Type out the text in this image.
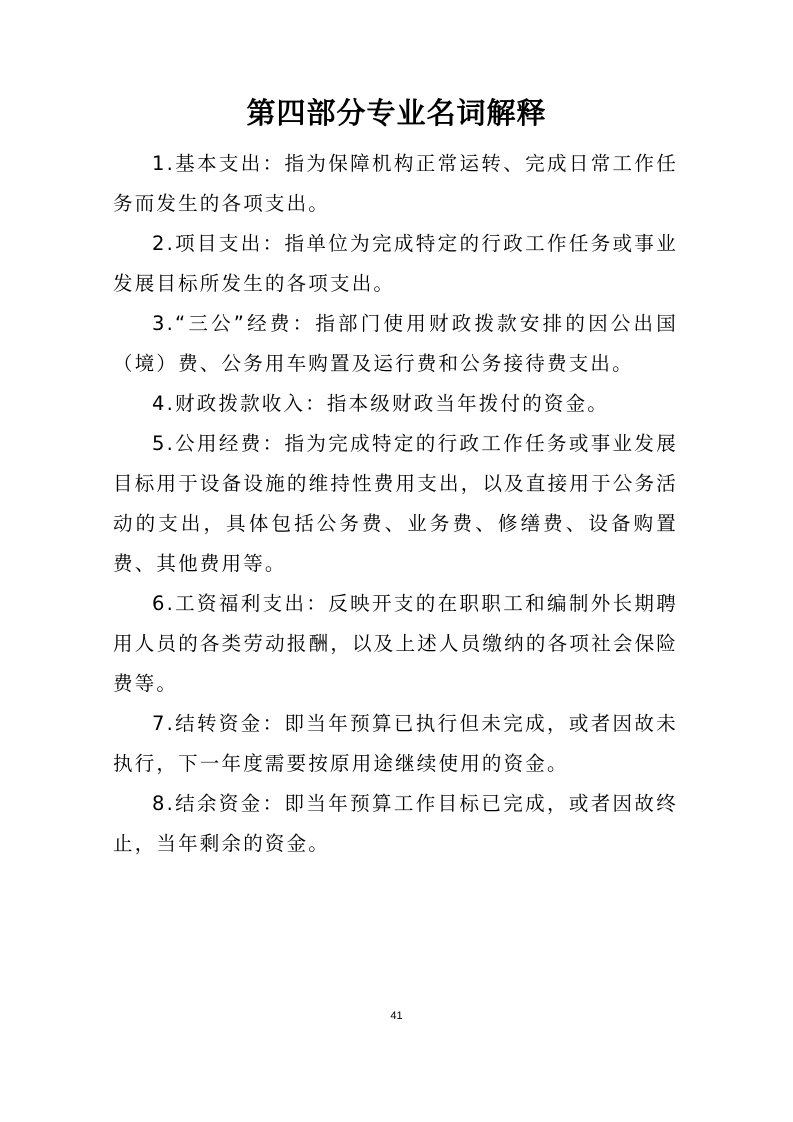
第四部分专业名词解释
1.基本支出：指为保障机构正常运转、完成日常工作任务而发生的各项支出。
2.项目支出：指单位为完成特定的行政工作任务或事业发展目标所发生的各项支出。
3.“三公”经费：指部门使用财政拨款安排的因公出国（境）费、公务用车购置及运行费和公务接待费支出。
4.财政拨款收入：指本级财政当年拨付的资金。
5.公用经费：指为完成特定的行政工作任务或事业发展目标用于设备设施的维持性费用支出，以及直接用于公务活动的支出，具体包括公务费、业务费、修缮费、设备购置费、其他费用等。
6.工资福利支出：反映开支的在职职工和编制外长期聘用人员的各类劳动报酬，以及上述人员缴纳的各项社会保险费等。
7.结转资金：即当年预算已执行但未完成，或者因故未执行，下一年度需要按原用途继续使用的资金。
8.结余资金：即当年预算工作目标已完成，或者因故终止，当年剩余的资金。
41
